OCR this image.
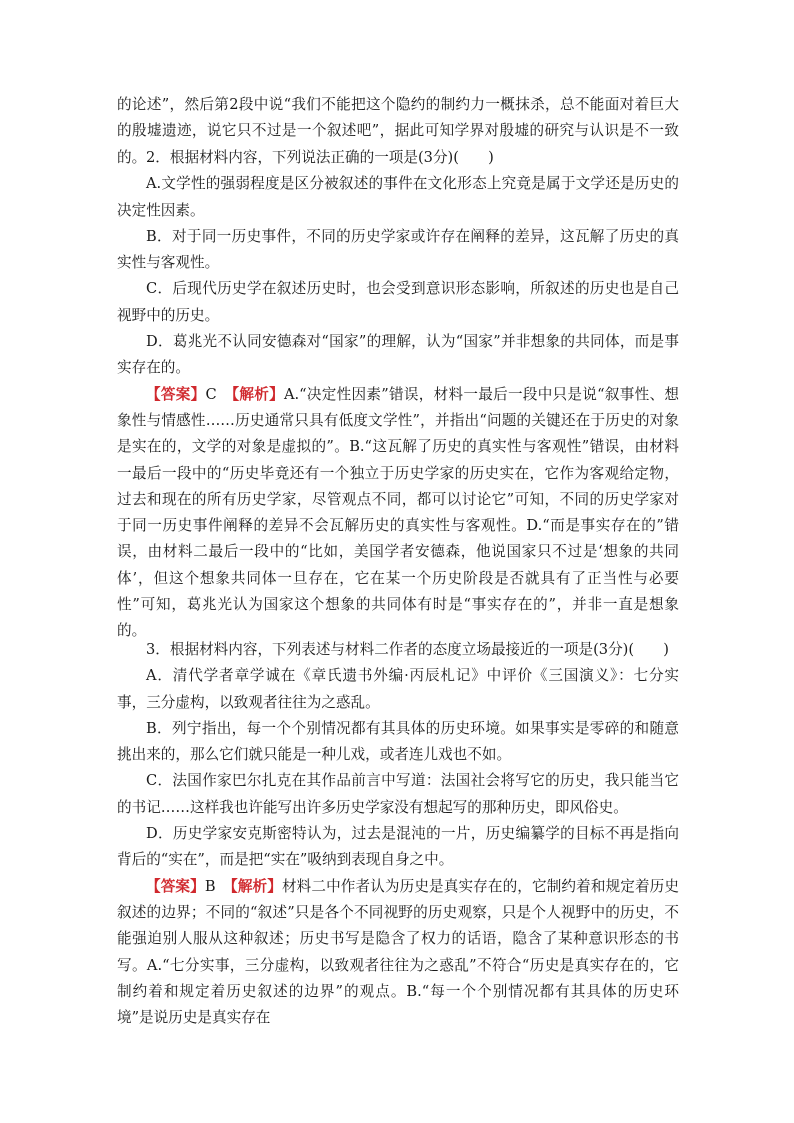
的论述”，然后第2段中说“我们不能把这个隐约的制约力一概抹杀，总不能面对着巨大的殷墟遗迹，说它只不过是一个叙述吧”，据此可知学界对殷墟的研究与认识是不一致的。 2．根据材料内容，下列说法正确的一项是(3分)(　　)

A.文学性的强弱程度是区分被叙述的事件在文化形态上究竟是属于文学还是历史的决定性因素。

B．对于同一历史事件，不同的历史学家或许存在阐释的差异，这瓦解了历史的真实性与客观性。

C．后现代历史学在叙述历史时，也会受到意识形态影响，所叙述的历史也是自己视野中的历史。

D．葛兆光不认同安德森对“国家”的理解，认为“国家”并非想象的共同体，而是事实存在的。

【答案】C　 【解析】A.“决定性因素”错误，材料一最后一段中只是说“叙事性、想象性与情感性……历史通常只具有低度文学性”，并指出“问题的关键还在于历史的对象是实在的，文学的对象是虚拟的”。B.“这瓦解了历史的真实性与客观性”错误，由材料一最后一段中的“历史毕竟还有一个独立于历史学家的历史实在，它作为客观给定物，过去和现在的所有历史学家，尽管观点不同，都可以讨论它”可知，不同的历史学家对于同一历史事件阐释的差异不会瓦解历史的真实性与客观性。D.“而是事实存在的”错误，由材料二最后一段中的“比如，美国学者安德森，他说国家只不过是‘想象的共同体’，但这个想象共同体一旦存在，它在某一个历史阶段是否就具有了正当性与必要性”可知，葛兆光认为国家这个想象的共同体有时是“事实存在的”，并非一直是想象的。

3．根据材料内容，下列表述与材料二作者的态度立场最接近的一项是(3分)(　　)

A．清代学者章学诚在《章氏遗书外编·丙辰札记》中评价《三国演义》：七分实事，三分虚构，以致观者往往为之惑乱。

B．列宁指出，每一个个别情况都有其具体的历史环境。如果事实是零碎的和随意挑出来的，那么它们就只能是一种儿戏，或者连儿戏也不如。

C．法国作家巴尔扎克在其作品前言中写道：法国社会将写它的历史，我只能当它的书记……这样我也许能写出许多历史学家没有想起写的那种历史，即风俗史。

D．历史学家安克斯密特认为，过去是混沌的一片，历史编纂学的目标不再是指向背后的“实在”，而是把“实在”吸纳到表现自身之中。

【答案】B　 【解析】材料二中作者认为历史是真实存在的，它制约着和规定着历史叙述的边界；不同的“叙述”只是各个不同视野的历史观察，只是个人视野中的历史，不能强迫别人服从这种叙述；历史书写是隐含了权力的话语，隐含了某种意识形态的书写。A.“七分实事，三分虚构，以致观者往往为之惑乱”不符合“历史是真实存在的，它制约着和规定着历史叙述的边界”的观点。B.“每一个个别情况都有其具体的历史环境”是说历史是真实存在
